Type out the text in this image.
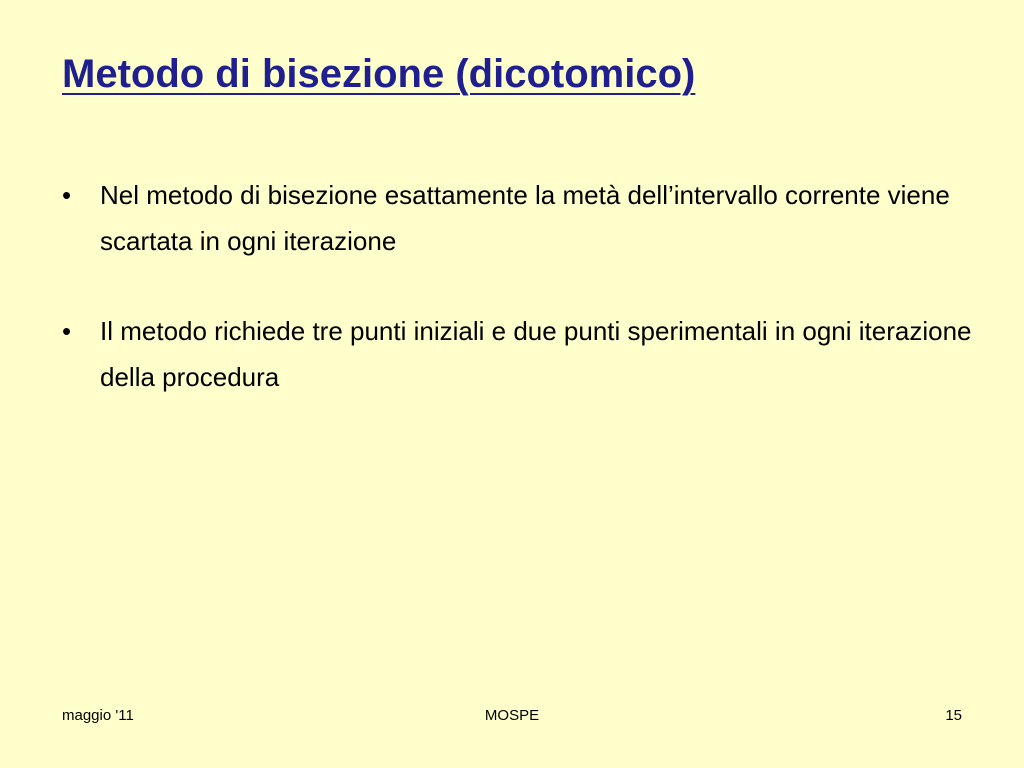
Metodo di bisezione (dicotomico)
• Nel metodo di bisezione esattamente la metà dell’intervallo corrente viene scartata in ogni iterazione
• Il metodo richiede tre punti iniziali e due punti sperimentali in ogni iterazione della procedura
maggio '11	MOSPE	15
